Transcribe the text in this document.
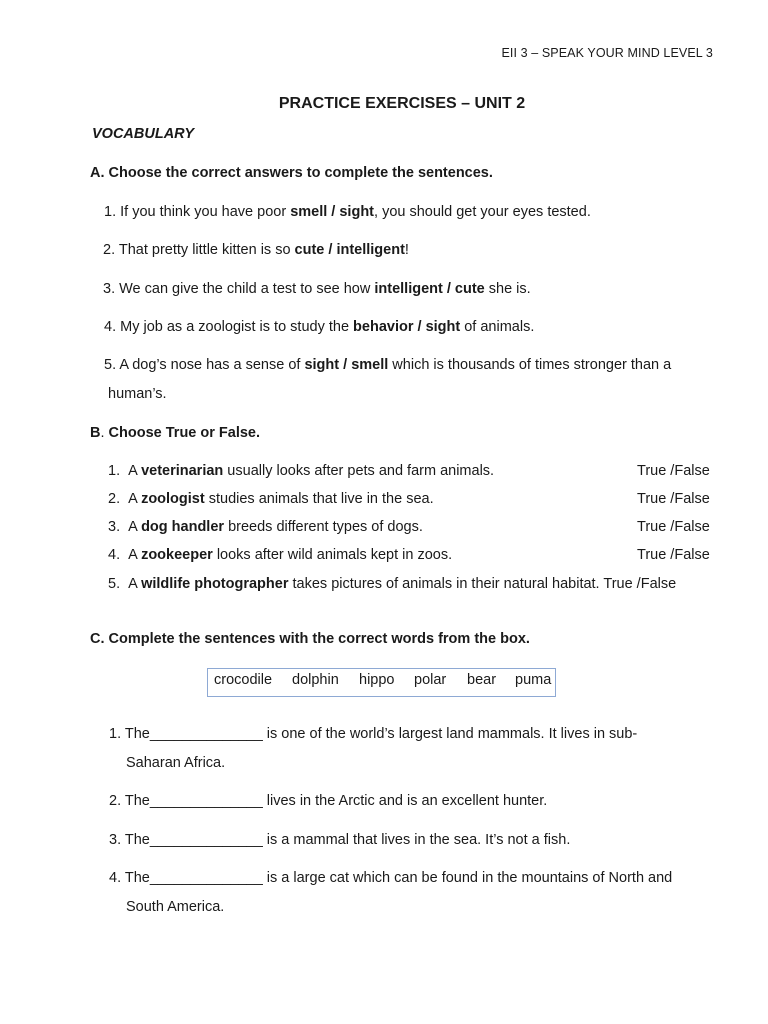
EII 3 – SPEAK YOUR MIND LEVEL 3
PRACTICE EXERCISES – UNIT 2
VOCABULARY
A. Choose the correct answers to complete the sentences.
1. If you think you have poor smell / sight, you should get your eyes tested.
2. That pretty little kitten is so cute / intelligent!
3. We can give the child a test to see how intelligent / cute she is.
4. My job as a zoologist is to study the behavior / sight of animals.
5. A dog’s nose has a sense of sight / smell which is thousands of times stronger than a
human’s.
B. Choose True or False.
1. A veterinarian usually looks after pets and farm animals.	True /False
2. A zoologist studies animals that live in the sea.	True /False
3. A dog handler breeds different types of dogs.	True /False
4. A zookeeper looks after wild animals kept in zoos.	True /False
5. A wildlife photographer takes pictures of animals in their natural habitat. True /False
C. Complete the sentences with the correct words from the box.
crocodile dolphin hippo polar bear puma
1. The______________ is one of the world’s largest land mammals. It lives in sub-
Saharan Africa.
2. The______________ lives in the Arctic and is an excellent hunter.
3. The______________ is a mammal that lives in the sea. It’s not a fish.
4. The______________ is a large cat which can be found in the mountains of North and
South America.
